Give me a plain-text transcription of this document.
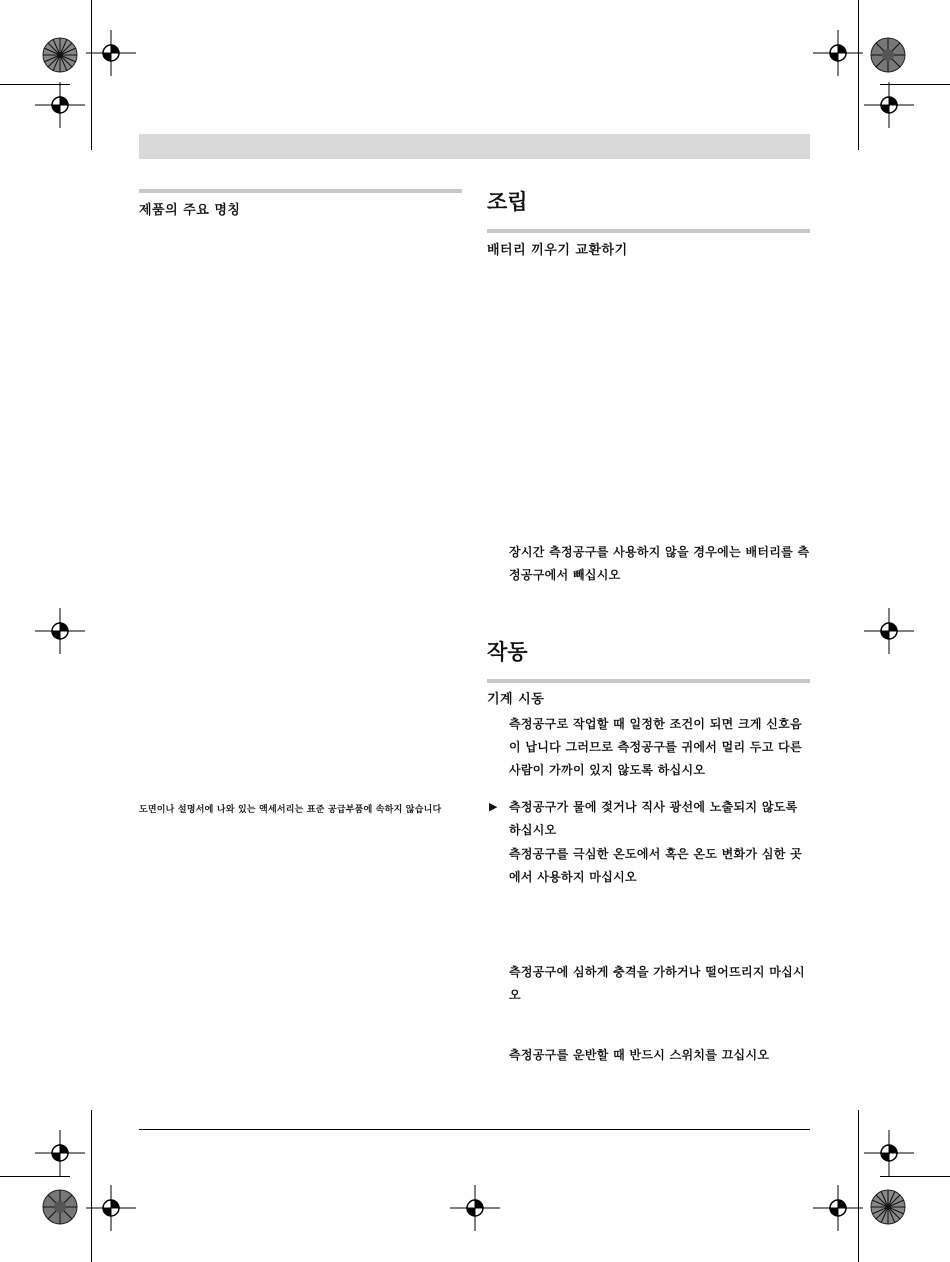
제품의 주요 명칭
도면이나 설명서에 나와 있는 액세서리는 표준 공급부품에 속하지 않습니다
조립
배터리 끼우기 교환하기
장시간 측정공구를 사용하지 않을 경우에는 배터리를 측정공구에서 빼십시오
작동
기계 시동
측정공구로 작업할 때 일정한 조건이 되면 크게 신호음이 납니다 그러므로 측정공구를 귀에서 멀리 두고 다른 사람이 가까이 있지 않도록 하십시오
▶ 측정공구가 물에 젖거나 직사 광선에 노출되지 않도록 하십시오
측정공구를 극심한 온도에서 혹은 온도 변화가 심한 곳에서 사용하지 마십시오
측정공구에 심하게 충격을 가하거나 떨어뜨리지 마십시오
측정공구를 운반할 때 반드시 스위치를 끄십시오
